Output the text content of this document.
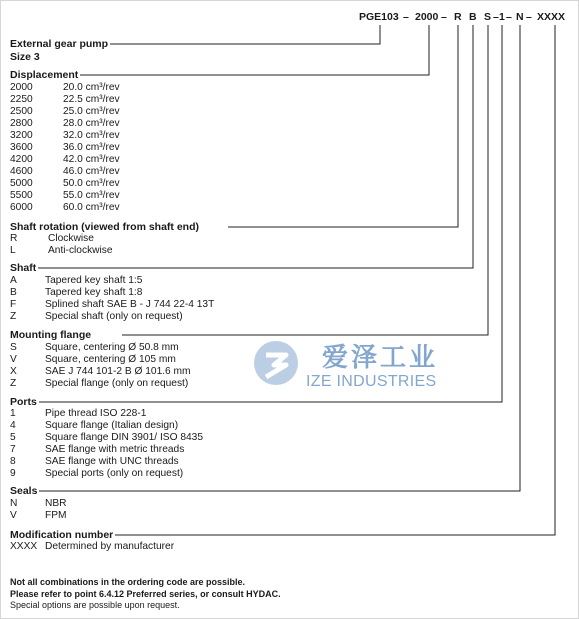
PGE103 – 2000 – R B S – 1 – N – XXXX
External gear pump
Size 3
Displacement
2000	20.0 cm³/rev
2250	22.5 cm³/rev
2500	25.0 cm³/rev
2800	28.0 cm³/rev
3200	32.0 cm³/rev
3600	36.0 cm³/rev
4200	42.0 cm³/rev
4600	46.0 cm³/rev
5000	50.0 cm³/rev
5500	55.0 cm³/rev
6000	60.0 cm³/rev
Shaft rotation (viewed from shaft end)
R	Clockwise
L	Anti-clockwise
Shaft
A	Tapered key shaft 1:5
B	Tapered key shaft 1:8
F	Splined shaft SAE B - J 744 22-4 13T
Z	Special shaft (only on request)
Mounting flange
S	Square, centering Ø 50.8 mm
V	Square, centering Ø 105 mm
X	SAE J 744 101-2 B Ø 101.6 mm
Z	Special flange (only on request)
Ports
1	Pipe thread ISO 228-1
4	Square flange (Italian design)
5	Square flange DIN 3901/ ISO 8435
7	SAE flange with metric threads
8	SAE flange with UNC threads
9	Special ports (only on request)
Seals
N	NBR
V	FPM
Modification number
XXXX Determined by manufacturer
Not all combinations in the ordering code are possible.
Please refer to point 6.4.12 Preferred series, or consult HYDAC.
Special options are possible upon request.
爱泽工业
IZE INDUSTRIES
